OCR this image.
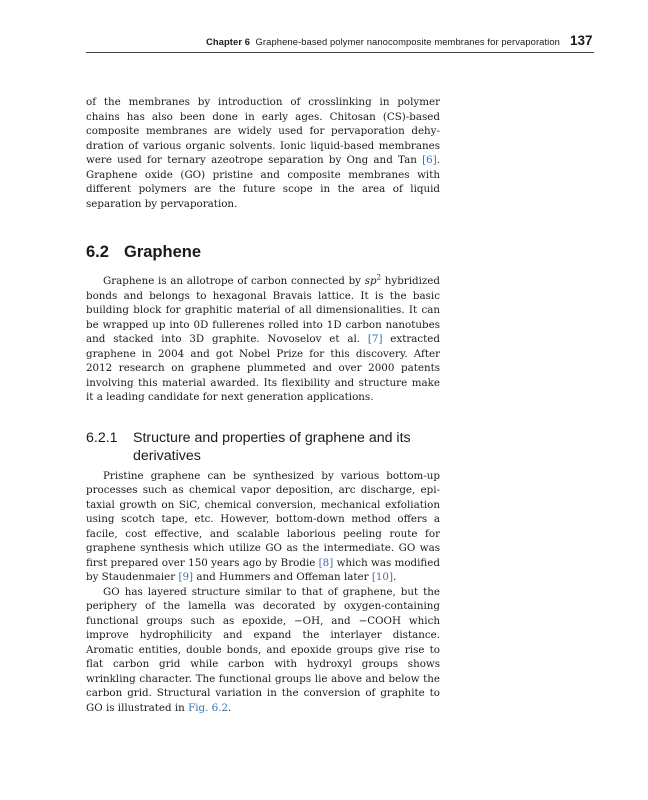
Chapter 6 Graphene-based polymer nanocomposite membranes for pervaporation 137

of the membranes by introduction of crosslinking in polymer chains has also been done in early ages. Chitosan (CS)-based composite membranes are widely used for pervaporation dehydration of various organic solvents. Ionic liquid-based membranes were used for ternary azeotrope separation by Ong and Tan [6]. Graphene oxide (GO) pristine and composite membranes with different polymers are the future scope in the area of liquid separation by pervaporation.

6.2 Graphene

Graphene is an allotrope of carbon connected by $sp^2$ hybridized bonds and belongs to hexagonal Bravais lattice. It is the basic building block for graphitic material of all dimensionalities. It can be wrapped up into 0D fullerenes rolled into 1D carbon nanotubes and stacked into 3D graphite. Novoselov et al. [7] extracted graphene in 2004 and got Nobel Prize for this discovery. After 2012 research on graphene plummeted and over 2000 patents involving this material awarded. Its flexibility and structure make it a leading candidate for next generation applications.

6.2.1	Structure and properties of graphene and its derivatives

Pristine graphene can be synthesized by various bottom-up processes such as chemical vapor deposition, arc discharge, epitaxial growth on SiC, chemical conversion, mechanical exfoliation using scotch tape, etc. However, bottom-down method offers a facile, cost effective, and scalable laborious peeling route for graphene synthesis which utilize GO as the intermediate. GO was first prepared over 150 years ago by Brodie [8] which was modified by Staudenmaier [9] and Hummers and Offeman later [10].

GO has layered structure similar to that of graphene, but the periphery of the lamella was decorated by oxygen-containing functional groups such as epoxide, −OH, and −COOH which improve hydrophilicity and expand the interlayer distance. Aromatic entities, double bonds, and epoxide groups give rise to flat carbon grid while carbon with hydroxyl groups shows wrinkling character. The functional groups lie above and below the carbon grid. Structural variation in the conversion of graphite to GO is illustrated in Fig. 6.2.
